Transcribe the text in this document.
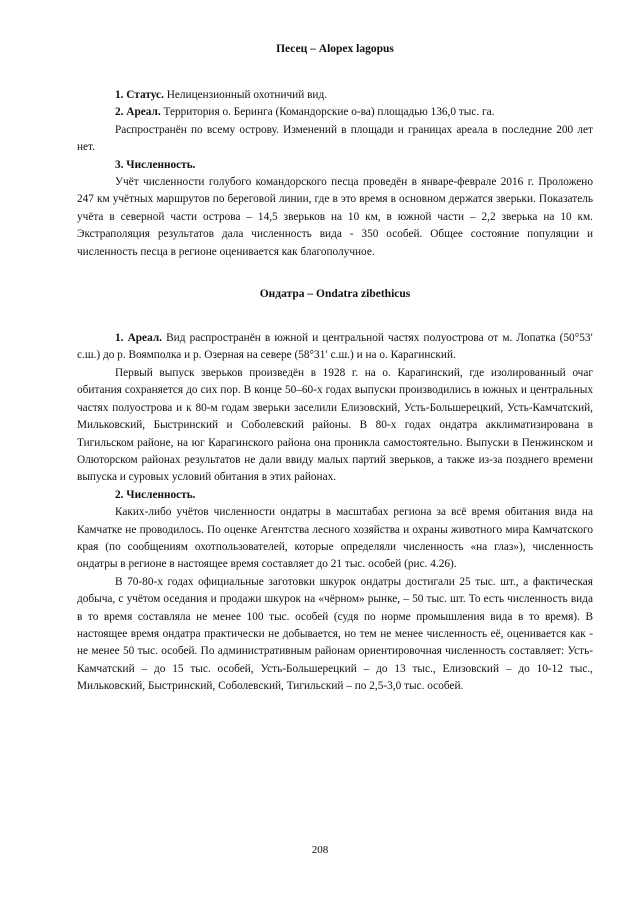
Песец – Alopex lagopus

1. Статус. Нелицензионный охотничий вид.

2. Ареал. Территория о. Беринга (Командорские о-ва) площадью 136,0 тыс. га.

Распространён по всему острову. Изменений в площади и границах ареала в последние 200 лет нет.

3. Численность.

Учёт численности голубого командорского песца проведён в январе-феврале 2016 г. Проложено 247 км учётных маршрутов по береговой линии, где в это время в основном держатся зверьки. Показатель учёта в северной части острова – 14,5 зверьков на 10 км, в южной части – 2,2 зверька на 10 км. Экстраполяция результатов дала численность вида - 350 особей. Общее состояние популяции и численность песца в регионе оценивается как благополучное.

Ондатра – Ondatra zibethicus

1. Ареал. Вид распространён в южной и центральной частях полуострова от м. Лопатка (50°53′ с.ш.) до р. Воямполка и р. Озерная на севере (58°31′ с.ш.) и на о. Карагинский.

Первый выпуск зверьков произведён в 1928 г. на о. Карагинский, где изолированный очаг обитания сохраняется до сих пор. В конце 50–60-х годах выпуски производились в южных и центральных частях полуострова и к 80-м годам зверьки заселили Елизовский, Усть-Большерецкий, Усть-Камчатский, Мильковский, Быстринский и Соболевский районы. В 80-х годах ондатра акклиматизирована в Тигильском районе, на юг Карагинского района она проникла самостоятельно. Выпуски в Пенжинском и Олюторском районах результатов не дали ввиду малых партий зверьков, а также из-за позднего времени выпуска и суровых условий обитания в этих районах.

2. Численность.

Каких-либо учётов численности ондатры в масштабах региона за всё время обитания вида на Камчатке не проводилось. По оценке Агентства лесного хозяйства и охраны животного мира Камчатского края (по сообщениям охотпользователей, которые определяли численность «на глаз»), численность ондатры в регионе в настоящее время составляет до 21 тыс. особей (рис. 4.26).

В 70-80-х годах официальные заготовки шкурок ондатры достигали 25 тыс. шт., а фактическая добыча, с учётом оседания и продажи шкурок на «чёрном» рынке, – 50 тыс. шт. То есть численность вида в то время составляла не менее 100 тыс. особей (судя по норме промышления вида в то время). В настоящее время ондатра практически не добывается, но тем не менее численность её, оценивается как - не менее 50 тыс. особей. По административным районам ориентировочная численность составляет: Усть-Камчатский – до 15 тыс. особей, Усть-Большерецкий – до 13 тыс., Елизовский – до 10-12 тыс., Мильковский, Быстринский, Соболевский, Тигильский – по 2,5-3,0 тыс. особей.

208
